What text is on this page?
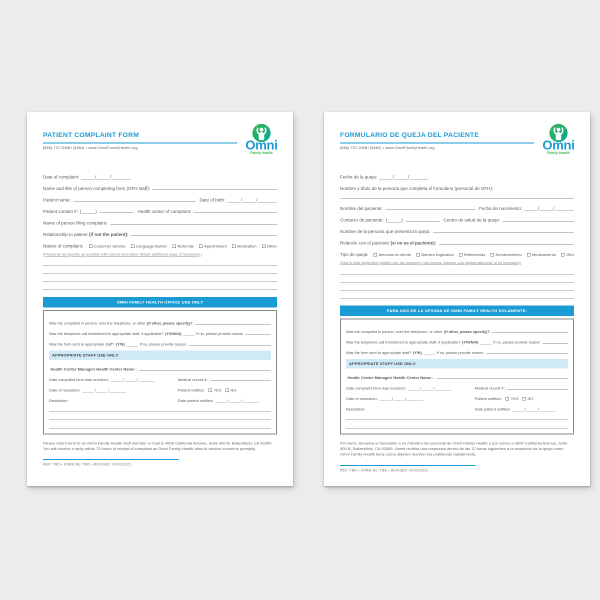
PATIENT COMPLAINT FORM
(866) 707-OMNI (6664) • www.OmniFamilyHealth.org	Omni
Family Health
Date of complaint: _____/_____/_______
Name and title of person completing form (OFH staff):
Patient name:	Date of birth: _____/_____/_______
Patient contact #: (_____)	Health center of complaint:
Name of person filing complaint:
Relationship to patient (if not the patient):
Nature of complaint: Customer Service Language Barrier Referrals Appointment Medication Other
(Please be as specific as possible with names and dates. Attach additional page, if necessary.)
OMNI FAMILY HEALTH OFFICE USE ONLY
Was the complaint in person, over the telephone, or other (if other, please specify)?
Was the telephone call transferred to appropriate staff, if applicable? (Y/N/N/A) _____ If no, please provide reason
Was the form sent to appropriate staff? (Y/N) _____ If no, please provide reason
APPROPRIATE STAFF USE ONLY:
Health Center Manager/ Health Center Name :
Date complaint form was received: _____/_____/_______	Medical record #:
Date of resolution: _____/_____/_______	Patient notified: YES NO
Resolution:	Date patient notified: _____/_____/_______
Please return form to an Omni Family Health staff member or mail to 4600 California Avenue, Suite 400-B, Bakersfield, CA 93309. You will receive a reply within 72 hours of receipt of complaint as Omni Family Health aims to resolve concerns promptly.
REF: TBD • FORM No: TBD • REVISED: 00/01/2021
FORMULARIO DE QUEJA DEL PACIENTE
(866) 707-OMNI (6664) • www.OmniFamilyHealth.org	Omni
Family Health
Fecha de la queja: _____/_____/_______
Nombre y título de la persona que completa el formulario (personal de OFH):
Nombre del paciente:	Fecha de nacimiento: _____/_____/_______
Contacto de paciente: (_____)	Centro de salud de la queja:
Nombre de la persona que presenta la queja:
Relación con el paciente (si no es el paciente):
Tipo de queja: Atención al cliente Barrera lingüística Referencias Nombramiento Medicamento Otro
(Sea lo más específico posible con los nombres y las fechas. Adjunte una página adicional, si es necesario)
PARA USO DE LA OFICINA DE OMNI FAMILY HEALTH SOLAMENTE:
Was the complaint in person, over the telephone, or other (if other, please specify)?
Was the telephone call transferred to appropriate staff, if applicable? (Y/N/N/A) _____ If no, please provide reason
Was the form sent to appropriate staff? (Y/N) _____ If no, please provide reason
APPROPRIATE STAFF USE ONLY:
Health Center Manager/ Health Center Name :
Date complaint form was received: _____/_____/_______	Medical record #:
Date of resolution: _____/_____/_______	Patient notified: YES NO
Resolution:	Date patient notified: _____/_____/_______
Por favor, devuelva el formulario a un miembro del personal de Omni Family Health o por correo a 4600 California Avenue, Suite 400-B, Bakersfield, CA 93309. Usted recibirá una respuesta dentro de las 72 horas siguientes a la recepción de la queja como Omni Family Health tiene como objetivo resolver los problemas rápidamente.
REF: TBD • FORM No: TBD • REVISED: 00/01/2021
